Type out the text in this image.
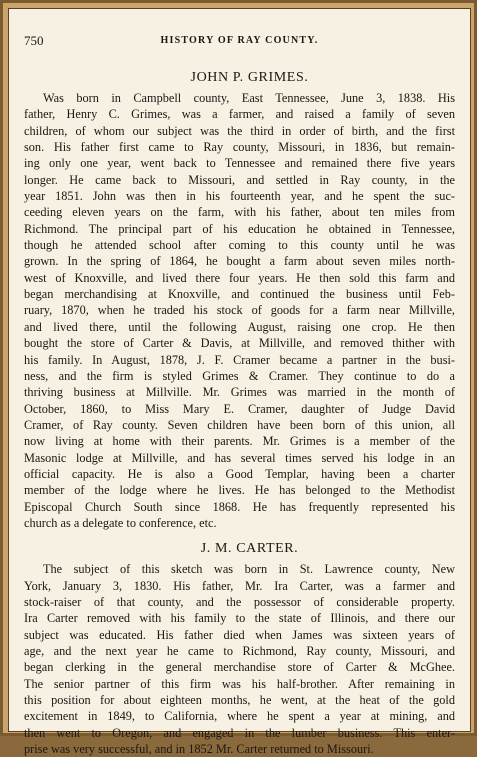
750	HISTORY OF RAY COUNTY.
JOHN P. GRIMES.
Was born in Campbell county, East Tennessee, June 3, 1838. His
father, Henry C. Grimes, was a farmer, and raised a family of seven
children, of whom our subject was the third in order of birth, and the first
son. His father first came to Ray county, Missouri, in 1836, but remain-
ing only one year, went back to Tennessee and remained there five years
longer. He came back to Missouri, and settled in Ray county, in the
year 1851. John was then in his fourteenth year, and he spent the suc-
ceeding eleven years on the farm, with his father, about ten miles from
Richmond. The principal part of his education he obtained in Tennessee,
though he attended school after coming to this county until he was
grown. In the spring of 1864, he bought a farm about seven miles north-
west of Knoxville, and lived there four years. He then sold this farm and
began merchandising at Knoxville, and continued the business until Feb-
ruary, 1870, when he traded his stock of goods for a farm near Millville,
and lived there, until the following August, raising one crop. He then
bought the store of Carter & Davis, at Millville, and removed thither with
his family. In August, 1878, J. F. Cramer became a partner in the busi-
ness, and the firm is styled Grimes & Cramer. They continue to do a
thriving business at Millville. Mr. Grimes was married in the month of
October, 1860, to Miss Mary E. Cramer, daughter of Judge David
Cramer, of Ray county. Seven children have been born of this union, all
now living at home with their parents. Mr. Grimes is a member of the
Masonic lodge at Millville, and has several times served his lodge in an
official capacity. He is also a Good Templar, having been a charter
member of the lodge where he lives. He has belonged to the Methodist
Episcopal Church South since 1868. He has frequently represented his
church as a delegate to conference, etc.
J. M. CARTER.
The subject of this sketch was born in St. Lawrence county, New
York, January 3, 1830. His father, Mr. Ira Carter, was a farmer and
stock-raiser of that county, and the possessor of considerable property.
Ira Carter removed with his family to the state of Illinois, and there our
subject was educated. His father died when James was sixteen years of
age, and the next year he came to Richmond, Ray county, Missouri, and
began clerking in the general merchandise store of Carter & McGhee.
The senior partner of this firm was his half-brother. After remaining in
this position for about eighteen months, he went, at the heat of the gold
excitement in 1849, to California, where he spent a year at mining, and
then went to Oregon, and engaged in the lumber business. This enter-
prise was very successful, and in 1852 Mr. Carter returned to Missouri.
